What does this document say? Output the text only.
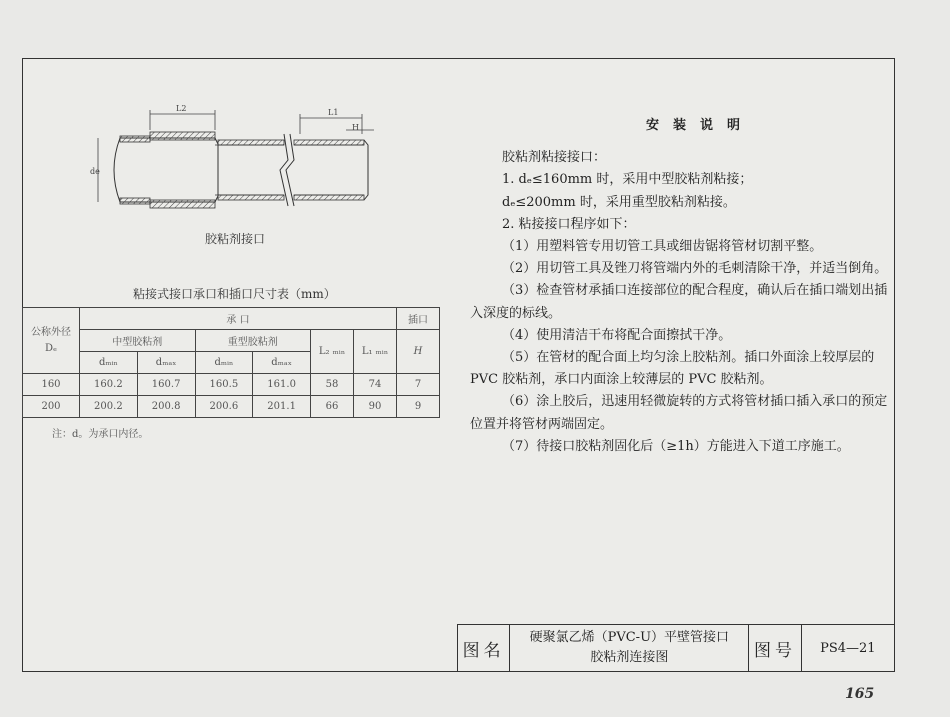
L2	L1
H
de
胶粘剂接口
粘接式接口承口和插口尺寸表（mm）
公称外径
Dₑ	承 口						插口
	中型胶粘剂		重型胶粘剂		L₂ ₘᵢₙ	L₁ ₘᵢₙ	H
	dₘᵢₙ	dₘₐₓ	dₘᵢₙ	dₘₐₓ			
160	160.2	160.7	160.5	161.0	58	74	7
200	200.2	200.8	200.6	201.1	66	90	9
注：d。为承口内径。
安装说明

胶粘剂粘接接口：

1. dₑ≤160mm 时，采用中型胶粘剂粘接；

dₑ≤200mm 时，采用重型胶粘剂粘接。

2. 粘接接口程序如下：

（1）用塑料管专用切管工具或细齿锯将管材切割平整。

（2）用切管工具及锉刀将管端内外的毛刺清除干净，并适当倒角。

（3）检查管材承插口连接部位的配合程度，确认后在插口端划出插入深度的标线。

（4）使用清洁干布将配合面擦拭干净。

（5）在管材的配合面上均匀涂上胶粘剂。插口外面涂上较厚层的 PVC 胶粘剂，承口内面涂上较薄层的 PVC 胶粘剂。

（6）涂上胶后，迅速用轻微旋转的方式将管材插口插入承口的预定位置并将管材两端固定。

（7）待接口胶粘剂固化后（≥1h）方能进入下道工序施工。

图名	
硬聚氯乙烯（PVC-U）平壁管接口
胶粘剂连接图	图号	PS4—21
165
